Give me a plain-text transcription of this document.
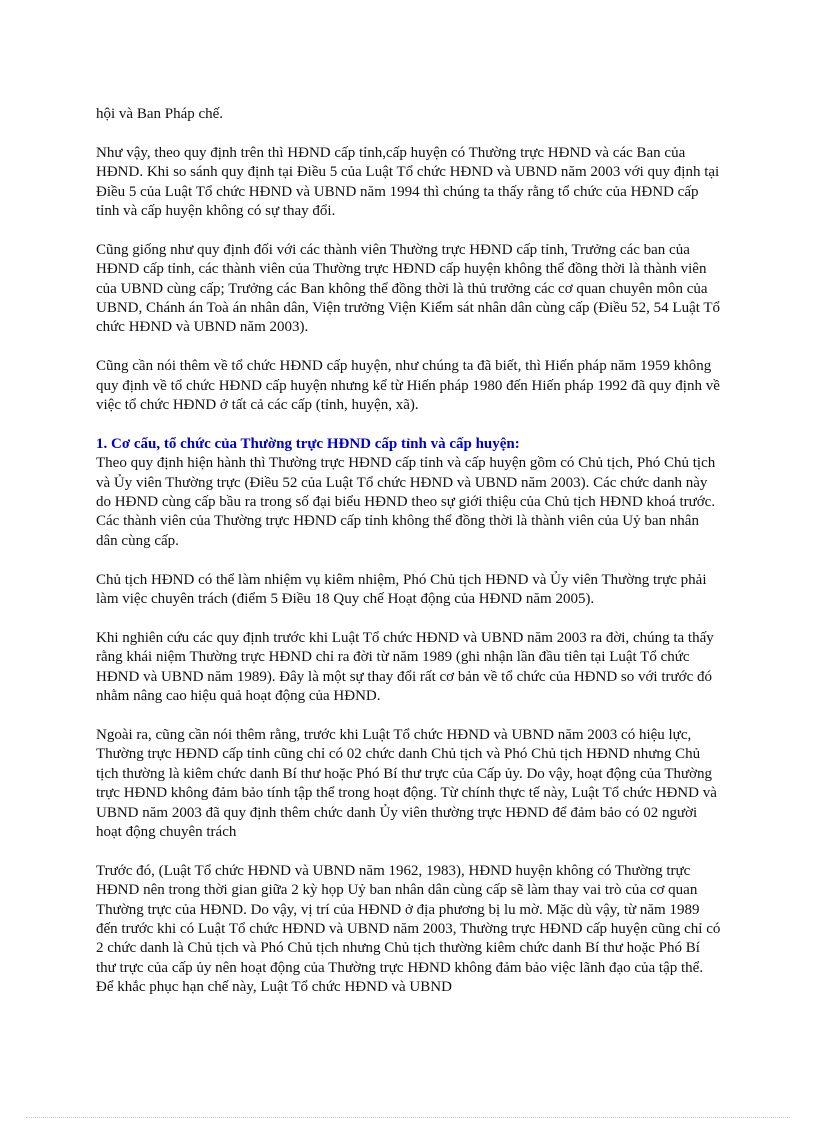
hội và Ban Pháp chế.

Như vậy, theo quy định trên thì HĐND cấp tỉnh,cấp huyện có Thường trực HĐND và các Ban của HĐND. Khi so sánh quy định tại Điều 5 của Luật Tổ chức HĐND và UBND năm 2003 với quy định tại Điều 5 của Luật Tổ chức HĐND và UBND năm 1994 thì chúng ta thấy rằng tổ chức của HĐND cấp tỉnh và cấp huyện không có sự thay đổi.

Cũng giống như quy định đối với các thành viên Thường trực HĐND cấp tỉnh, Trưởng các ban của HĐND cấp tỉnh, các thành viên của Thường trực HĐND cấp huyện không thể đồng thời là thành viên của UBND cùng cấp; Trưởng các Ban không thể đồng thời là thủ trưởng các cơ quan chuyên môn của UBND, Chánh án Toà án nhân dân, Viện trưởng Viện Kiểm sát nhân dân cùng cấp (Điều 52, 54 Luật Tổ chức HĐND và UBND năm 2003).

Cũng cần nói thêm về tổ chức HĐND cấp huyện, như chúng ta đã biết, thì Hiến pháp năm 1959 không quy định về tổ chức HĐND cấp huyện nhưng kể từ Hiến pháp 1980 đến Hiến pháp 1992 đã quy định về việc tổ chức HĐND ở tất cả các cấp (tỉnh, huyện, xã).

1. Cơ cấu, tổ chức của Thường trực HĐND cấp tỉnh và cấp huyện:

Theo quy định hiện hành thì Thường trực HĐND cấp tỉnh và cấp huyện gồm có Chủ tịch, Phó Chủ tịch và Ủy viên Thường trực (Điều 52 của Luật Tổ chức HĐND và UBND năm 2003). Các chức danh này do HĐND cùng cấp bầu ra trong số đại biểu HĐND theo sự giới thiệu của Chủ tịch HĐND khoá trước. Các thành viên của Thường trực HĐND cấp tỉnh không thể đồng thời là thành viên của Uỷ ban nhân dân cùng cấp.

Chủ tịch HĐND có thể làm nhiệm vụ kiêm nhiệm, Phó Chủ tịch HĐND và Ủy viên Thường trực phải làm việc chuyên trách (điểm 5 Điều 18 Quy chế Hoạt động của HĐND năm 2005).

Khi nghiên cứu các quy định trước khi Luật Tổ chức HĐND và UBND năm 2003 ra đời, chúng ta thấy rằng khái niệm Thường trực HĐND chỉ ra đời từ năm 1989 (ghi nhận lần đầu tiên tại Luật Tổ chức HĐND và UBND năm 1989). Đây là một sự thay đổi rất cơ bản về tổ chức của HĐND so với trước đó nhằm nâng cao hiệu quả hoạt động của HĐND.

Ngoài ra, cũng cần nói thêm rằng, trước khi Luật Tổ chức HĐND và UBND năm 2003 có hiệu lực, Thường trực HĐND cấp tỉnh cũng chỉ có 02 chức danh Chủ tịch và Phó Chủ tịch HĐND nhưng Chủ tịch thường là kiêm chức danh Bí thư hoặc Phó Bí thư trực của Cấp ủy. Do vậy, hoạt động của Thường trực HĐND không đảm bảo tính tập thể trong hoạt động. Từ chính thực tế này, Luật Tổ chức HĐND và UBND năm 2003 đã quy định thêm chức danh Ủy viên thường trực HĐND để đảm bảo có 02 người hoạt động chuyên trách

Trước đó, (Luật Tổ chức HĐND và UBND năm 1962, 1983), HĐND huyện không có Thường trực HĐND nên trong thời gian giữa 2 kỳ họp Uỷ ban nhân dân cùng cấp sẽ làm thay vai trò của cơ quan Thường trực của HĐND. Do vậy, vị trí của HĐND ở địa phương bị lu mờ. Mặc dù vậy, từ năm 1989 đến trước khi có Luật Tổ chức HĐND và UBND năm 2003, Thường trực HĐND cấp huyện cũng chỉ có 2 chức danh là Chủ tịch và Phó Chủ tịch nhưng Chủ tịch thường kiêm chức danh Bí thư hoặc Phó Bí thư trực của cấp ủy nên hoạt động của Thường trực HĐND không đảm bảo việc lãnh đạo của tập thể. Để khắc phục hạn chế này, Luật Tổ chức HĐND và UBND
